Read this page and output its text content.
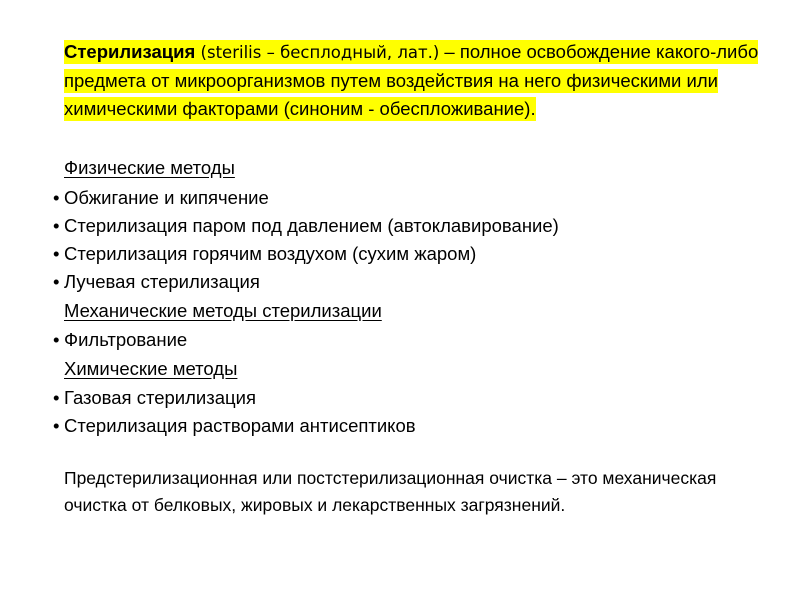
Стерилизация (sterilis – бесплодный, лат.) – полное освобождение какого-либо предмета от микроорганизмов путем воздействия на него физическими или химическими факторами (синоним - обеспложивание).

Физические методы
• Обжигание и кипячение
• Стерилизация паром под давлением (автоклавирование)
• Стерилизация горячим воздухом (сухим жаром)
• Лучевая стерилизация
Механические методы стерилизации
• Фильтрование
Химические методы
• Газовая стерилизация
• Стерилизация растворами антисептиков

Предстерилизационная или постстерилизационная очистка – это механическая очистка от белковых, жировых и лекарственных загрязнений.
